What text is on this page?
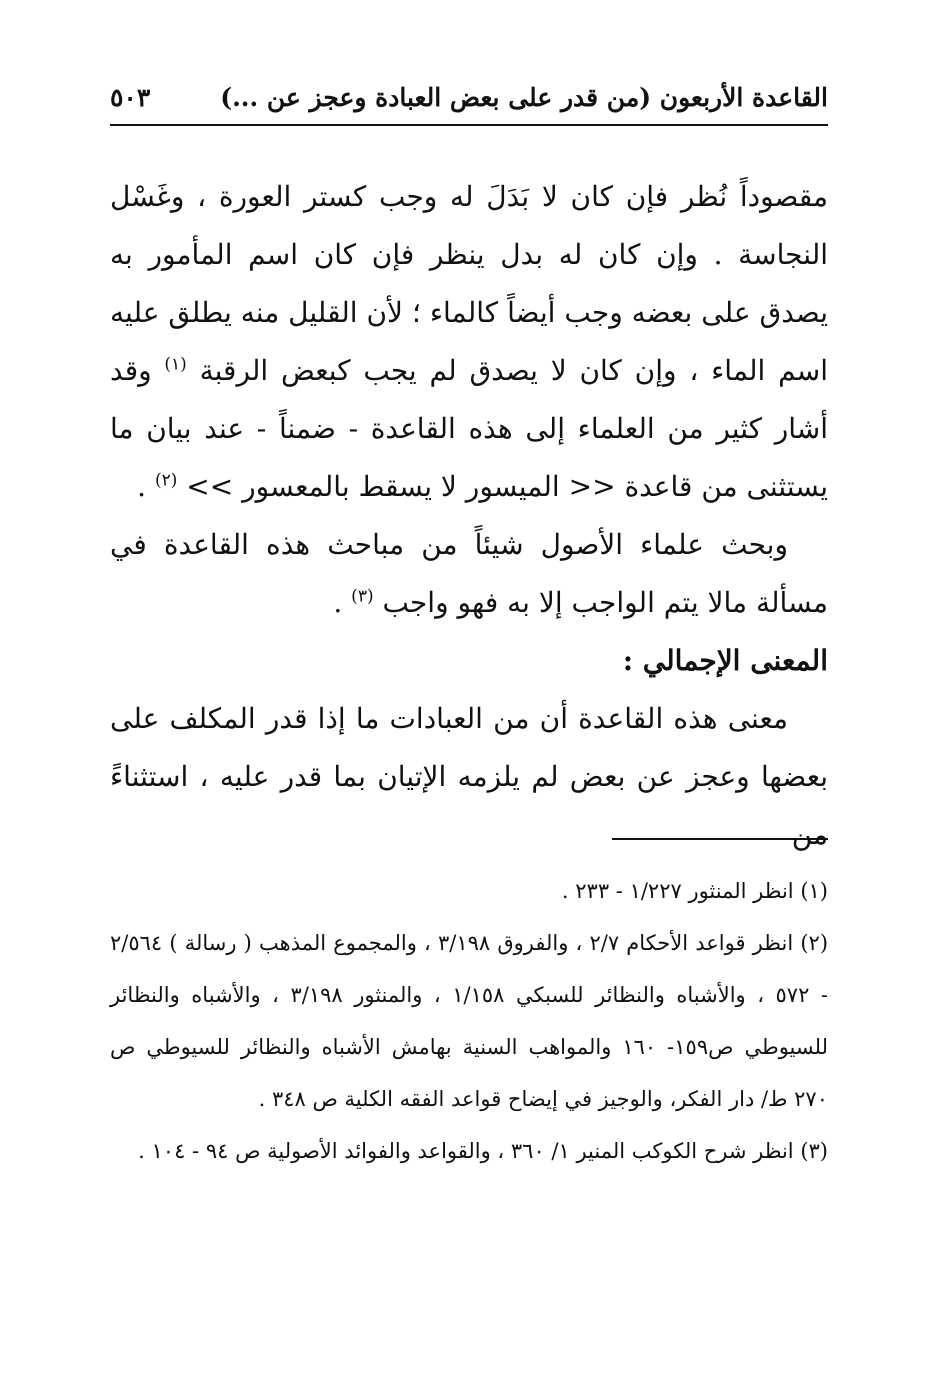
القاعدة الأربعون (من قدر على بعض العبادة وعجز عن ...)
٥٠٣

مقصوداً نُظر فإن كان لا بَدَلَ له وجب كستر العورة ، وغَسْل النجاسة . وإن كان له بدل ينظر فإن كان اسم المأمور به يصدق على بعضه وجب أيضاً كالماء ؛ لأن القليل منه يطلق عليه اسم الماء ، وإن كان لا يصدق لم يجب كبعض الرقبة $^{(١)}$ وقد أشار كثير من العلماء إلى هذه القاعدة - ضمناً - عند بيان ما يستثنى من قاعدة << الميسور لا يسقط بالمعسور >> $^{(٢)}$ .

وبحث علماء الأصول شيئاً من مباحث هذه القاعدة في مسألة مالا يتم الواجب إلا به فهو واجب $^{(٣)}$ .

المعنى الإجمالي :

معنى هذه القاعدة أن من العبادات ما إذا قدر المكلف على بعضها وعجز عن بعض لم يلزمه الإتيان بما قدر عليه ، استثناءً من

(١) انظر المنثور ١/٢٢٧ - ٢٣٣ .

(٢) انظر قواعد الأحكام ٢/٧ ، والفروق ٣/١٩٨ ، والمجموع المذهب ( رسالة ) ٢/٥٦٤ - ٥٧٢ ، والأشباه والنظائر للسبكي ١/١٥٨ ، والمنثور ٣/١٩٨ ، والأشباه والنظائر للسيوطي ص١٥٩- ١٦٠ والمواهب السنية بهامش الأشباه والنظائر للسيوطي ص ٢٧٠ ط/ دار الفكر، والوجيز في إيضاح قواعد الفقه الكلية ص ٣٤٨ .

(٣) انظر شرح الكوكب المنير ١/ ٣٦٠ ، والقواعد والفوائد الأصولية ص ٩٤ - ١٠٤ .
